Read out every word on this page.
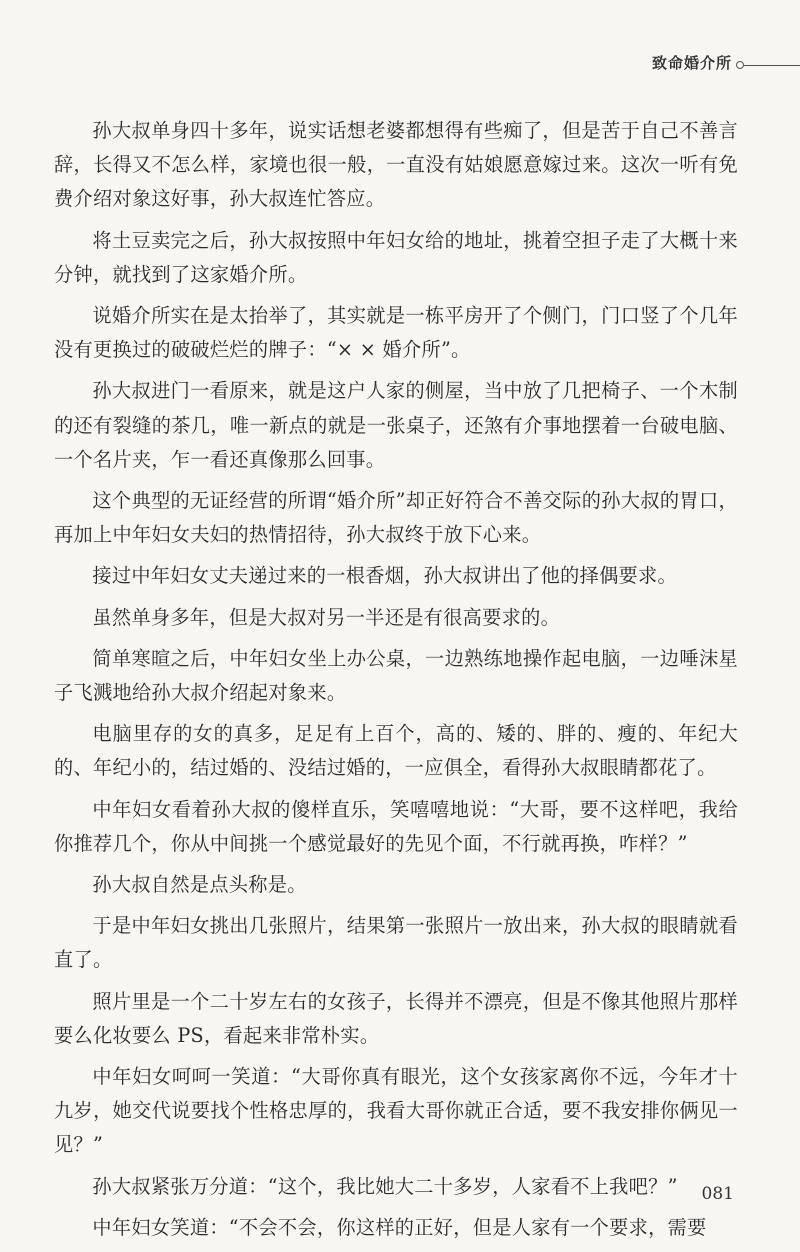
致命婚介所

孙大叔单身四十多年，说实话想老婆都想得有些痴了，但是苦于自己不善言辞，长得又不怎么样，家境也很一般，一直没有姑娘愿意嫁过来。这次一听有免费介绍对象这好事，孙大叔连忙答应。

将土豆卖完之后，孙大叔按照中年妇女给的地址，挑着空担子走了大概十来分钟，就找到了这家婚介所。

说婚介所实在是太抬举了，其实就是一栋平房开了个侧门，门口竖了个几年没有更换过的破破烂烂的牌子：“× × 婚介所”。

孙大叔进门一看原来，就是这户人家的侧屋，当中放了几把椅子、一个木制的还有裂缝的茶几，唯一新点的就是一张桌子，还煞有介事地摆着一台破电脑、一个名片夹，乍一看还真像那么回事。

这个典型的无证经营的所谓“婚介所”却正好符合不善交际的孙大叔的胃口，再加上中年妇女夫妇的热情招待，孙大叔终于放下心来。

接过中年妇女丈夫递过来的一根香烟，孙大叔讲出了他的择偶要求。

虽然单身多年，但是大叔对另一半还是有很高要求的。

简单寒暄之后，中年妇女坐上办公桌，一边熟练地操作起电脑，一边唾沫星子飞溅地给孙大叔介绍起对象来。

电脑里存的女的真多，足足有上百个，高的、矮的、胖的、瘦的、年纪大的、年纪小的，结过婚的、没结过婚的，一应俱全，看得孙大叔眼睛都花了。

中年妇女看着孙大叔的傻样直乐，笑嘻嘻地说：“大哥，要不这样吧，我给你推荐几个，你从中间挑一个感觉最好的先见个面，不行就再换，咋样？”

孙大叔自然是点头称是。

于是中年妇女挑出几张照片，结果第一张照片一放出来，孙大叔的眼睛就看直了。

照片里是一个二十岁左右的女孩子，长得并不漂亮，但是不像其他照片那样要么化妆要么 PS，看起来非常朴实。

中年妇女呵呵一笑道：“大哥你真有眼光，这个女孩家离你不远，今年才十九岁，她交代说要找个性格忠厚的，我看大哥你就正合适，要不我安排你俩见一见？”

孙大叔紧张万分道：“这个，我比她大二十多岁，人家看不上我吧？”

中年妇女笑道：“不会不会，你这样的正好，但是人家有一个要求，需要

081
